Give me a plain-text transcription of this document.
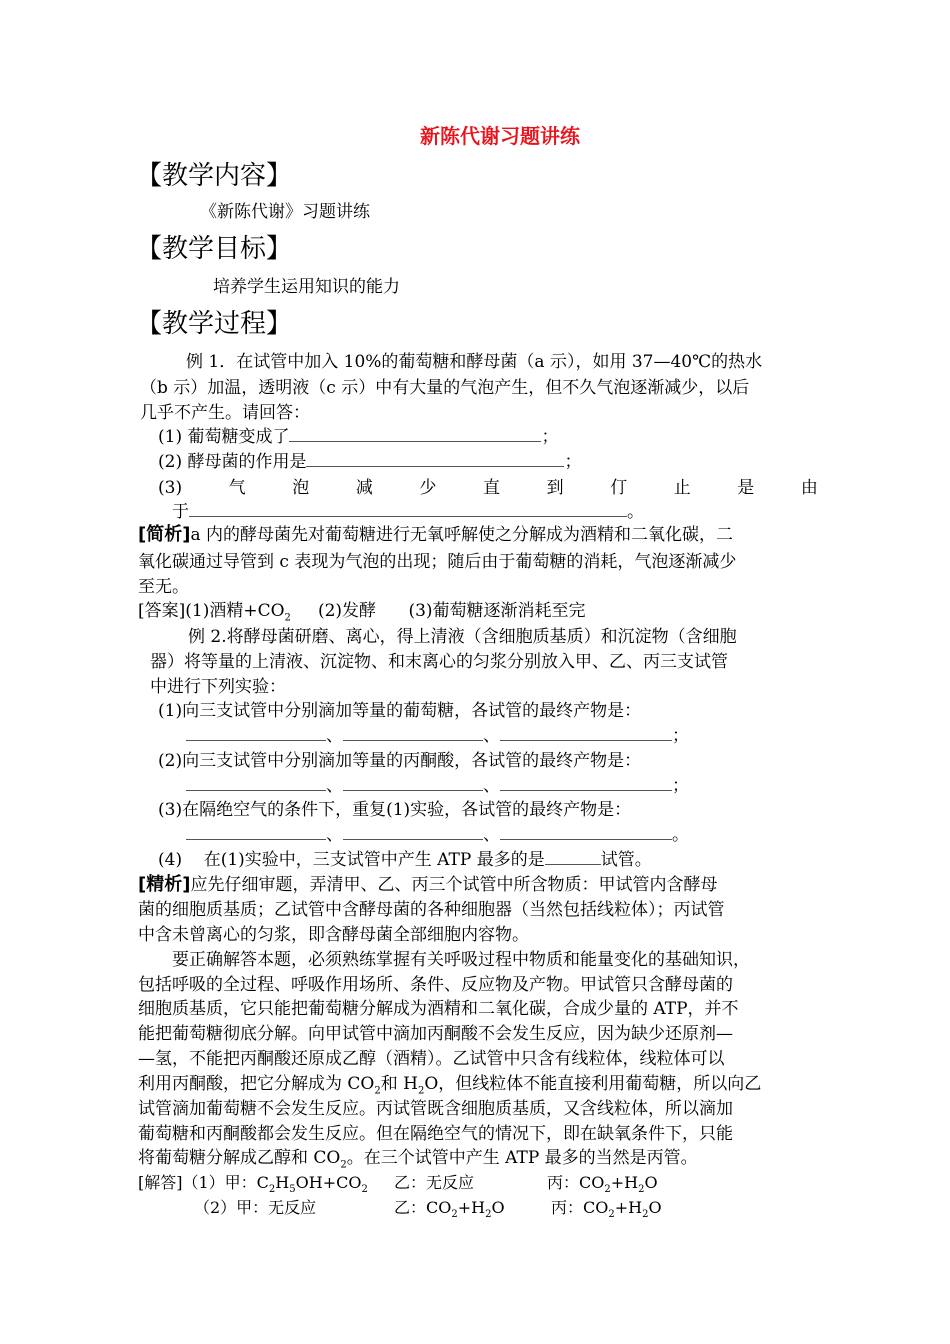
新陈代谢习题讲练
【教学内容】
《新陈代谢》习题讲练
【教学目标】
培养学生运用知识的能力
【教学过程】
例 1．在试管中加入 10%的葡萄糖和酵母菌（a 示），如用 37—40℃的热水
（b 示）加温，透明液（c 示）中有大量的气泡产生，但不久气泡逐渐减少，以后
几乎不产生。请回答：
(1) 葡萄糖变成了	；
(2) 酵母菌的作用是	；
(3)	气	泡	减	少	直	到	仃	止	是	由
于	。
[简析]a 内的酵母菌先对葡萄糖进行无氧呼解使之分解成为酒精和二氧化碳，二
氧化碳通过导管到 c 表现为气泡的出现；随后由于葡萄糖的消耗，气泡逐渐减少
至无。
[答案](1)酒精$+CO_2$     (2)发酵      (3)葡萄糖逐渐消耗至完
例 2.将酵母菌研磨、离心，得上清液（含细胞质基质）和沉淀物（含细胞
器）将等量的上清液、沉淀物、和末离心的匀浆分别放入甲、乙、丙三支试管
中进行下列实验：
(1)向三支试管中分别滴加等量的葡萄糖，各试管的最终产物是：
、	、	；
(2)向三支试管中分别滴加等量的丙酮酸，各试管的最终产物是：
、	、	；
(3)在隔绝空气的条件下，重复(1)实验，各试管的最终产物是：
、	、	。
(4)    在(1)实验中，三支试管中产生 ATP 最多的是	试管。
[精析]应先仔细审题，弄清甲、乙、丙三个试管中所含物质：甲试管内含酵母
菌的细胞质基质；乙试管中含酵母菌的各种细胞器（当然包括线粒体）；丙试管
中含未曾离心的匀浆，即含酵母菌全部细胞内容物。
要正确解答本题，必须熟练掌握有关呼吸过程中物质和能量变化的基础知识，
包括呼吸的全过程、呼吸作用场所、条件、反应物及产物。甲试管只含酵母菌的
细胞质基质，它只能把葡萄糖分解成为酒精和二氧化碳，合成少量的 ATP，并不
能把葡萄糖彻底分解。向甲试管中滴加丙酮酸不会发生反应，因为缺少还原剂—
—氢，不能把丙酮酸还原成乙醇（酒精）。乙试管中只含有线粒体，线粒体可以
利用丙酮酸，把它分解成为 $CO_2$和 $H_2O$，但线粒体不能直接利用葡萄糖，所以向乙
试管滴加葡萄糖不会发生反应。丙试管既含细胞质基质，又含线粒体，所以滴加
葡萄糖和丙酮酸都会发生反应。但在隔绝空气的情况下，即在缺氧条件下，只能
将葡萄糖分解成乙醇和 $CO_2$。在三个试管中产生 ATP 最多的当然是丙管。
[解答]（1）甲：$C_2H_5OH+CO_2$ 乙：无反应	丙：$CO_2+H_2O$
（2）甲：无反应	乙：$CO_2+H_2O$	丙：$CO_2+H_2O$
